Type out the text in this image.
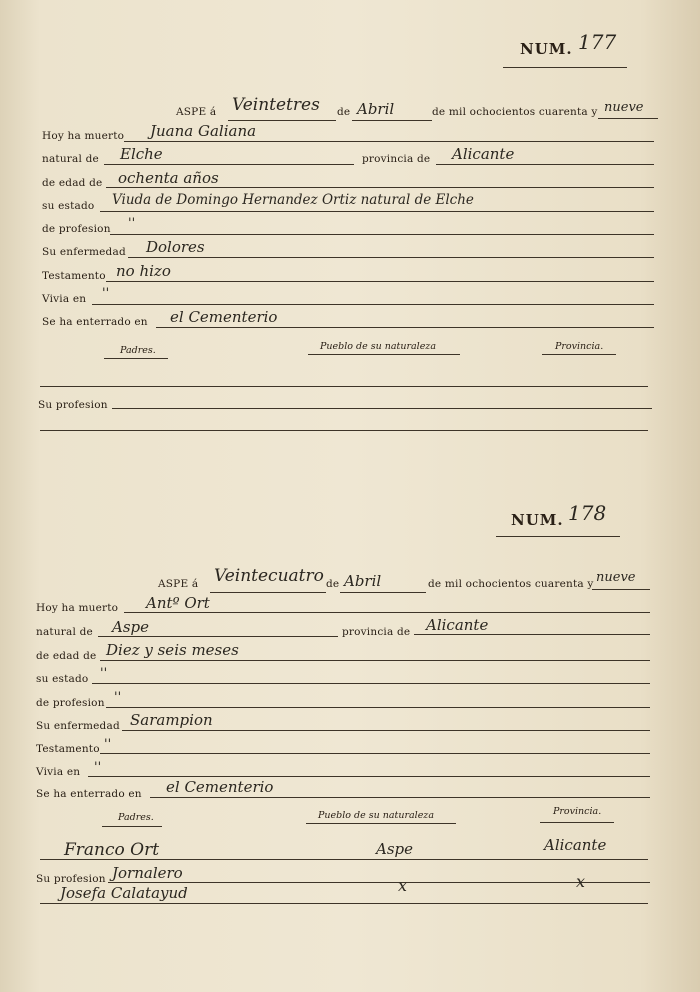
NUM. 177
ASPE á Veintetres de Abril	de mil ochocientos cuarenta y nueve
Hoy ha muerto Juana Galiana
natural de Elche	provincia de Alicante
de edad de ochenta años
su estado Viuda de Domingo Hernandez Ortiz natural de Elche
de profesion ''
Su enfermedad Dolores
Testamento no hizo
Vivia en ''
Se ha enterrado en el Cementerio
Padres.	Pueblo de su naturaleza	Provincia.
Su profesion
NUM. 178
ASPE á Veintecuatro de Abril	de mil ochocientos cuarenta y nueve
Hoy ha muerto Antº Ort
natural de Aspe	provincia de Alicante
de edad de Diez y seis meses
su estado ''
de profesion ''
Su enfermedad Sarampion
Testamento ''
Vivia en ''
Se ha enterrado en el Cementerio
Padres.	Pueblo de su naturaleza	Provincia.
Franco Ort	Aspe	Alicante
Su profesion Jornalero
Josefa Calatayud	x	x
